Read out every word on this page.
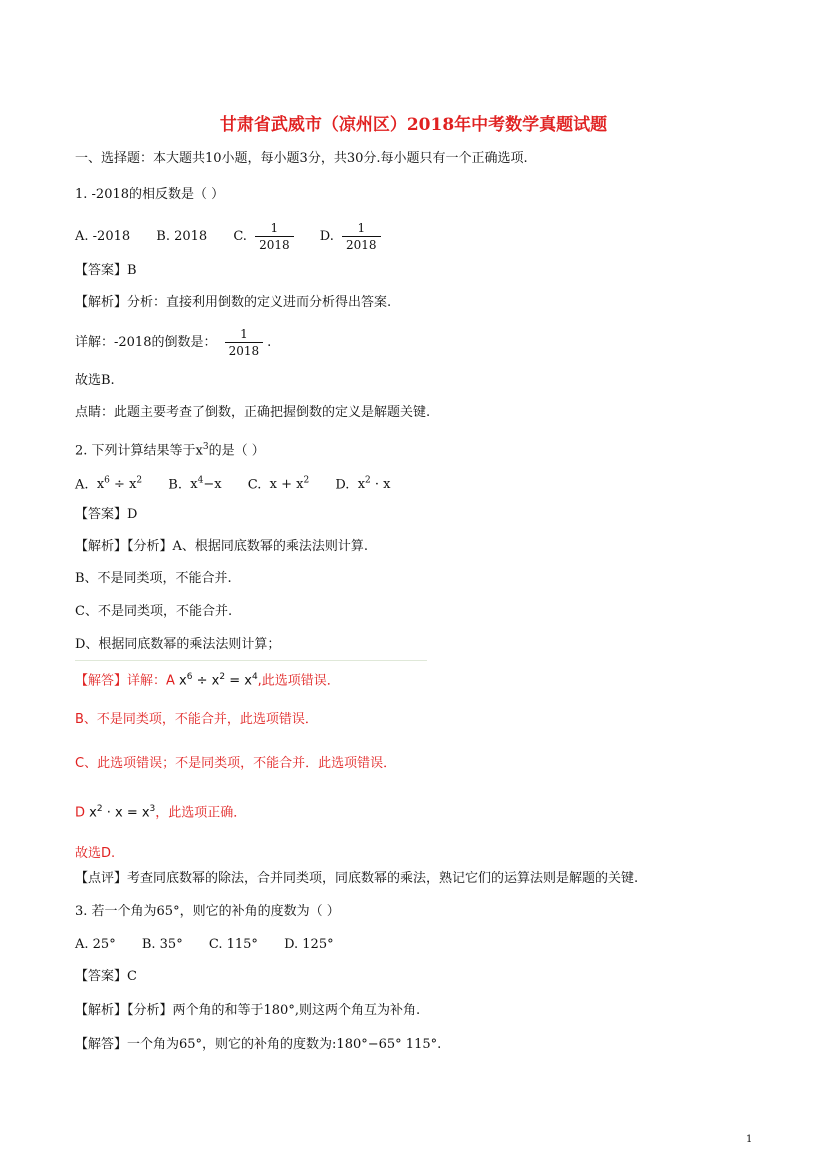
甘肃省武威市（凉州区）2018年中考数学真题试题
一、选择题：本大题共10小题，每小题3分，共30分.每小题只有一个正确选项.
1. -2018的相反数是（ ）
A. -2018 B. 2018 C. $\frac{1}{2018} D$. $\frac{1}{2018}$
【答案】B
【解析】分析：直接利用倒数的定义进而分析得出答案.
详解：-2018的倒数是： $\frac{1}{2018}$ .
故选B.
点睛：此题主要考查了倒数，正确把握倒数的定义是解题关键.
2. 下列计算结果等于$x^3$的是（ ）
A. $x^6 \div x^2$ B. $x^4-x$ C. $x + x^2$ D. $x^2 \cdot x$
【答案】D
【解析】【分析】A、根据同底数幂的乘法法则计算.
B、不是同类项，不能合并.
C、不是同类项，不能合并.
D、根据同底数幂的乘法法则计算；
【解答】详解：A $x^6 \div x^2 = x^4$,此选项错误．
B、不是同类项，不能合并，此选项错误．
C、此选项错误；不是同类项，不能合并．此选项错误．
D $x^2 \cdot x = x^3$，此选项正确．
故选D.
【点评】考查同底数幂的除法，合并同类项，同底数幂的乘法，熟记它们的运算法则是解题的关键.
3. 若一个角为65°，则它的补角的度数为（ ）
A. 25° B. 35° C. 115° D. 125°
【答案】C
【解析】【分析】两个角的和等于180°,则这两个角互为补角.
【解答】一个角为65°，则它的补角的度数为:180°−65° 115°.
1
